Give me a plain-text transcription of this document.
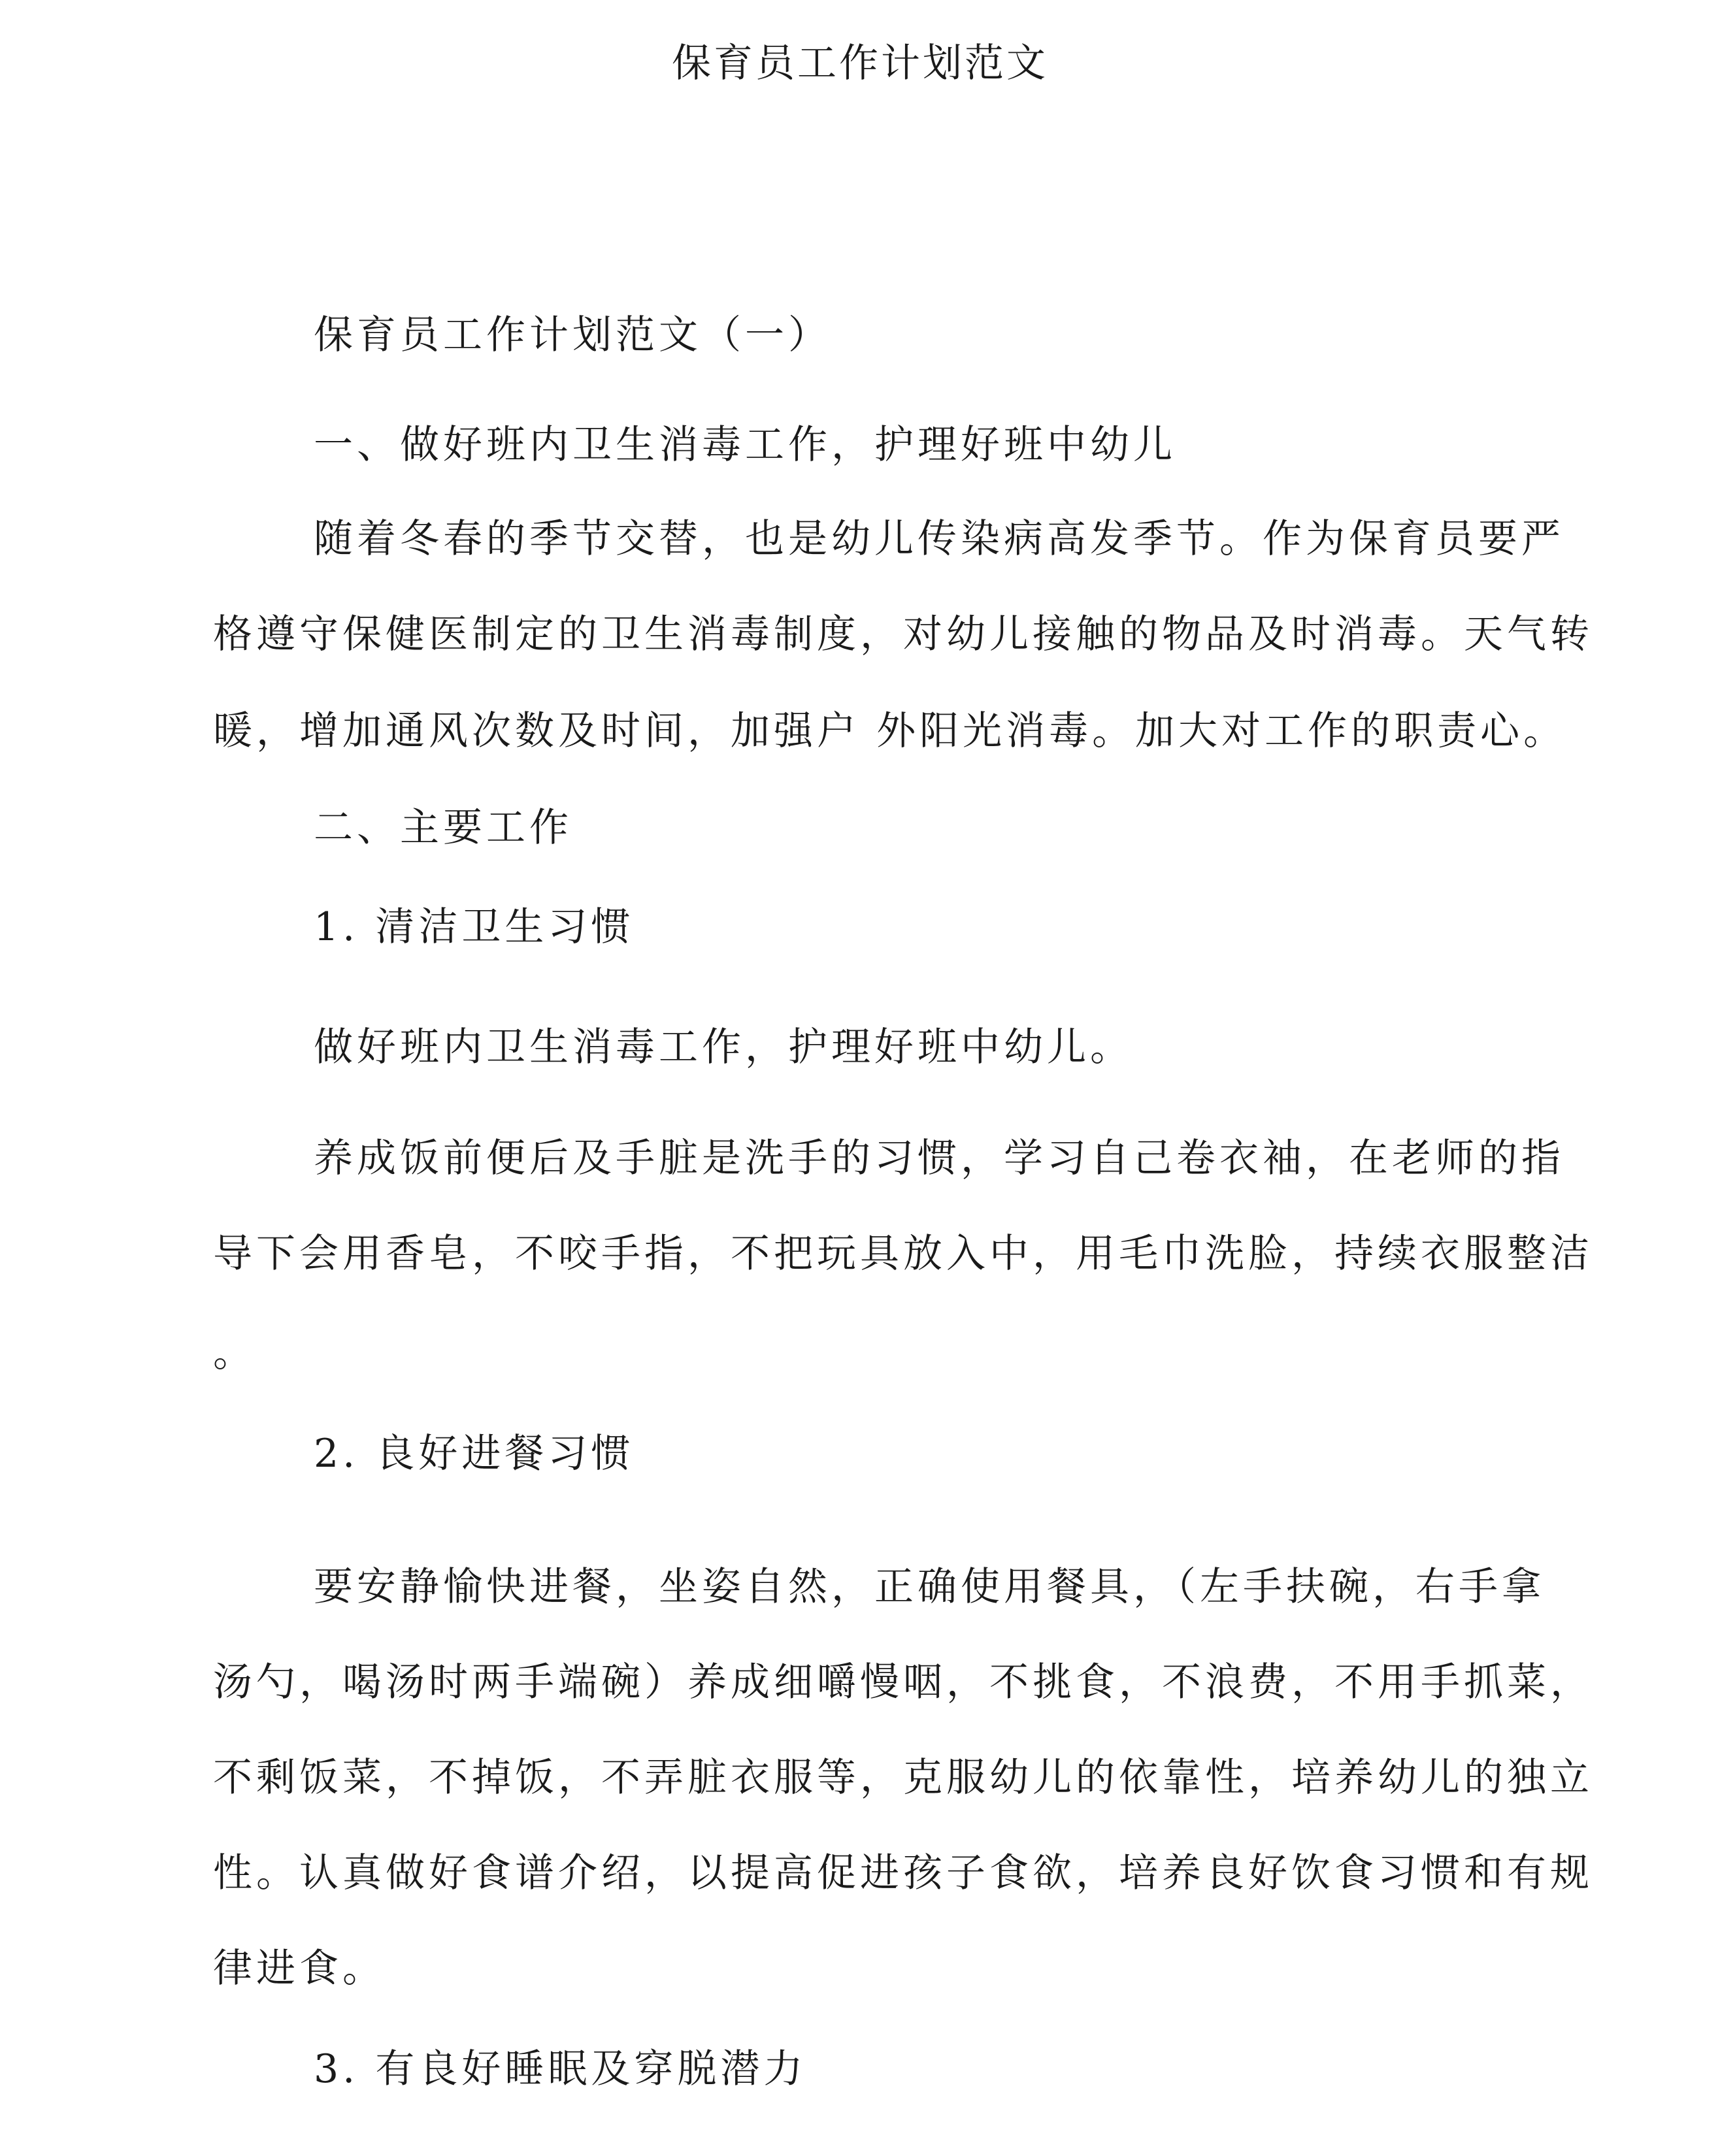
保育员工作计划范文
保育员工作计划范文（一）
一、做好班内卫生消毒工作，护理好班中幼儿
随着冬春的季节交替，也是幼儿传染病高发季节。作为保育员要严
格遵守保健医制定的卫生消毒制度，对幼儿接触的物品及时消毒。天气转
暖，增加通风次数及时间，加强户 外阳光消毒。加大对工作的职责心。
二、主要工作
1. 清洁卫生习惯
做好班内卫生消毒工作，护理好班中幼儿。
养成饭前便后及手脏是洗手的习惯，学习自己卷衣袖，在老师的指
导下会用香皂，不咬手指，不把玩具放入中，用毛巾洗脸，持续衣服整洁
。
2. 良好进餐习惯
要安静愉快进餐，坐姿自然，正确使用餐具，（左手扶碗，右手拿
汤勺，喝汤时两手端碗）养成细嚼慢咽，不挑食，不浪费，不用手抓菜，
不剩饭菜，不掉饭，不弄脏衣服等，克服幼儿的依靠性，培养幼儿的独立
性。认真做好食谱介绍，以提高促进孩子食欲，培养良好饮食习惯和有规
律进食。
3. 有良好睡眠及穿脱潜力
